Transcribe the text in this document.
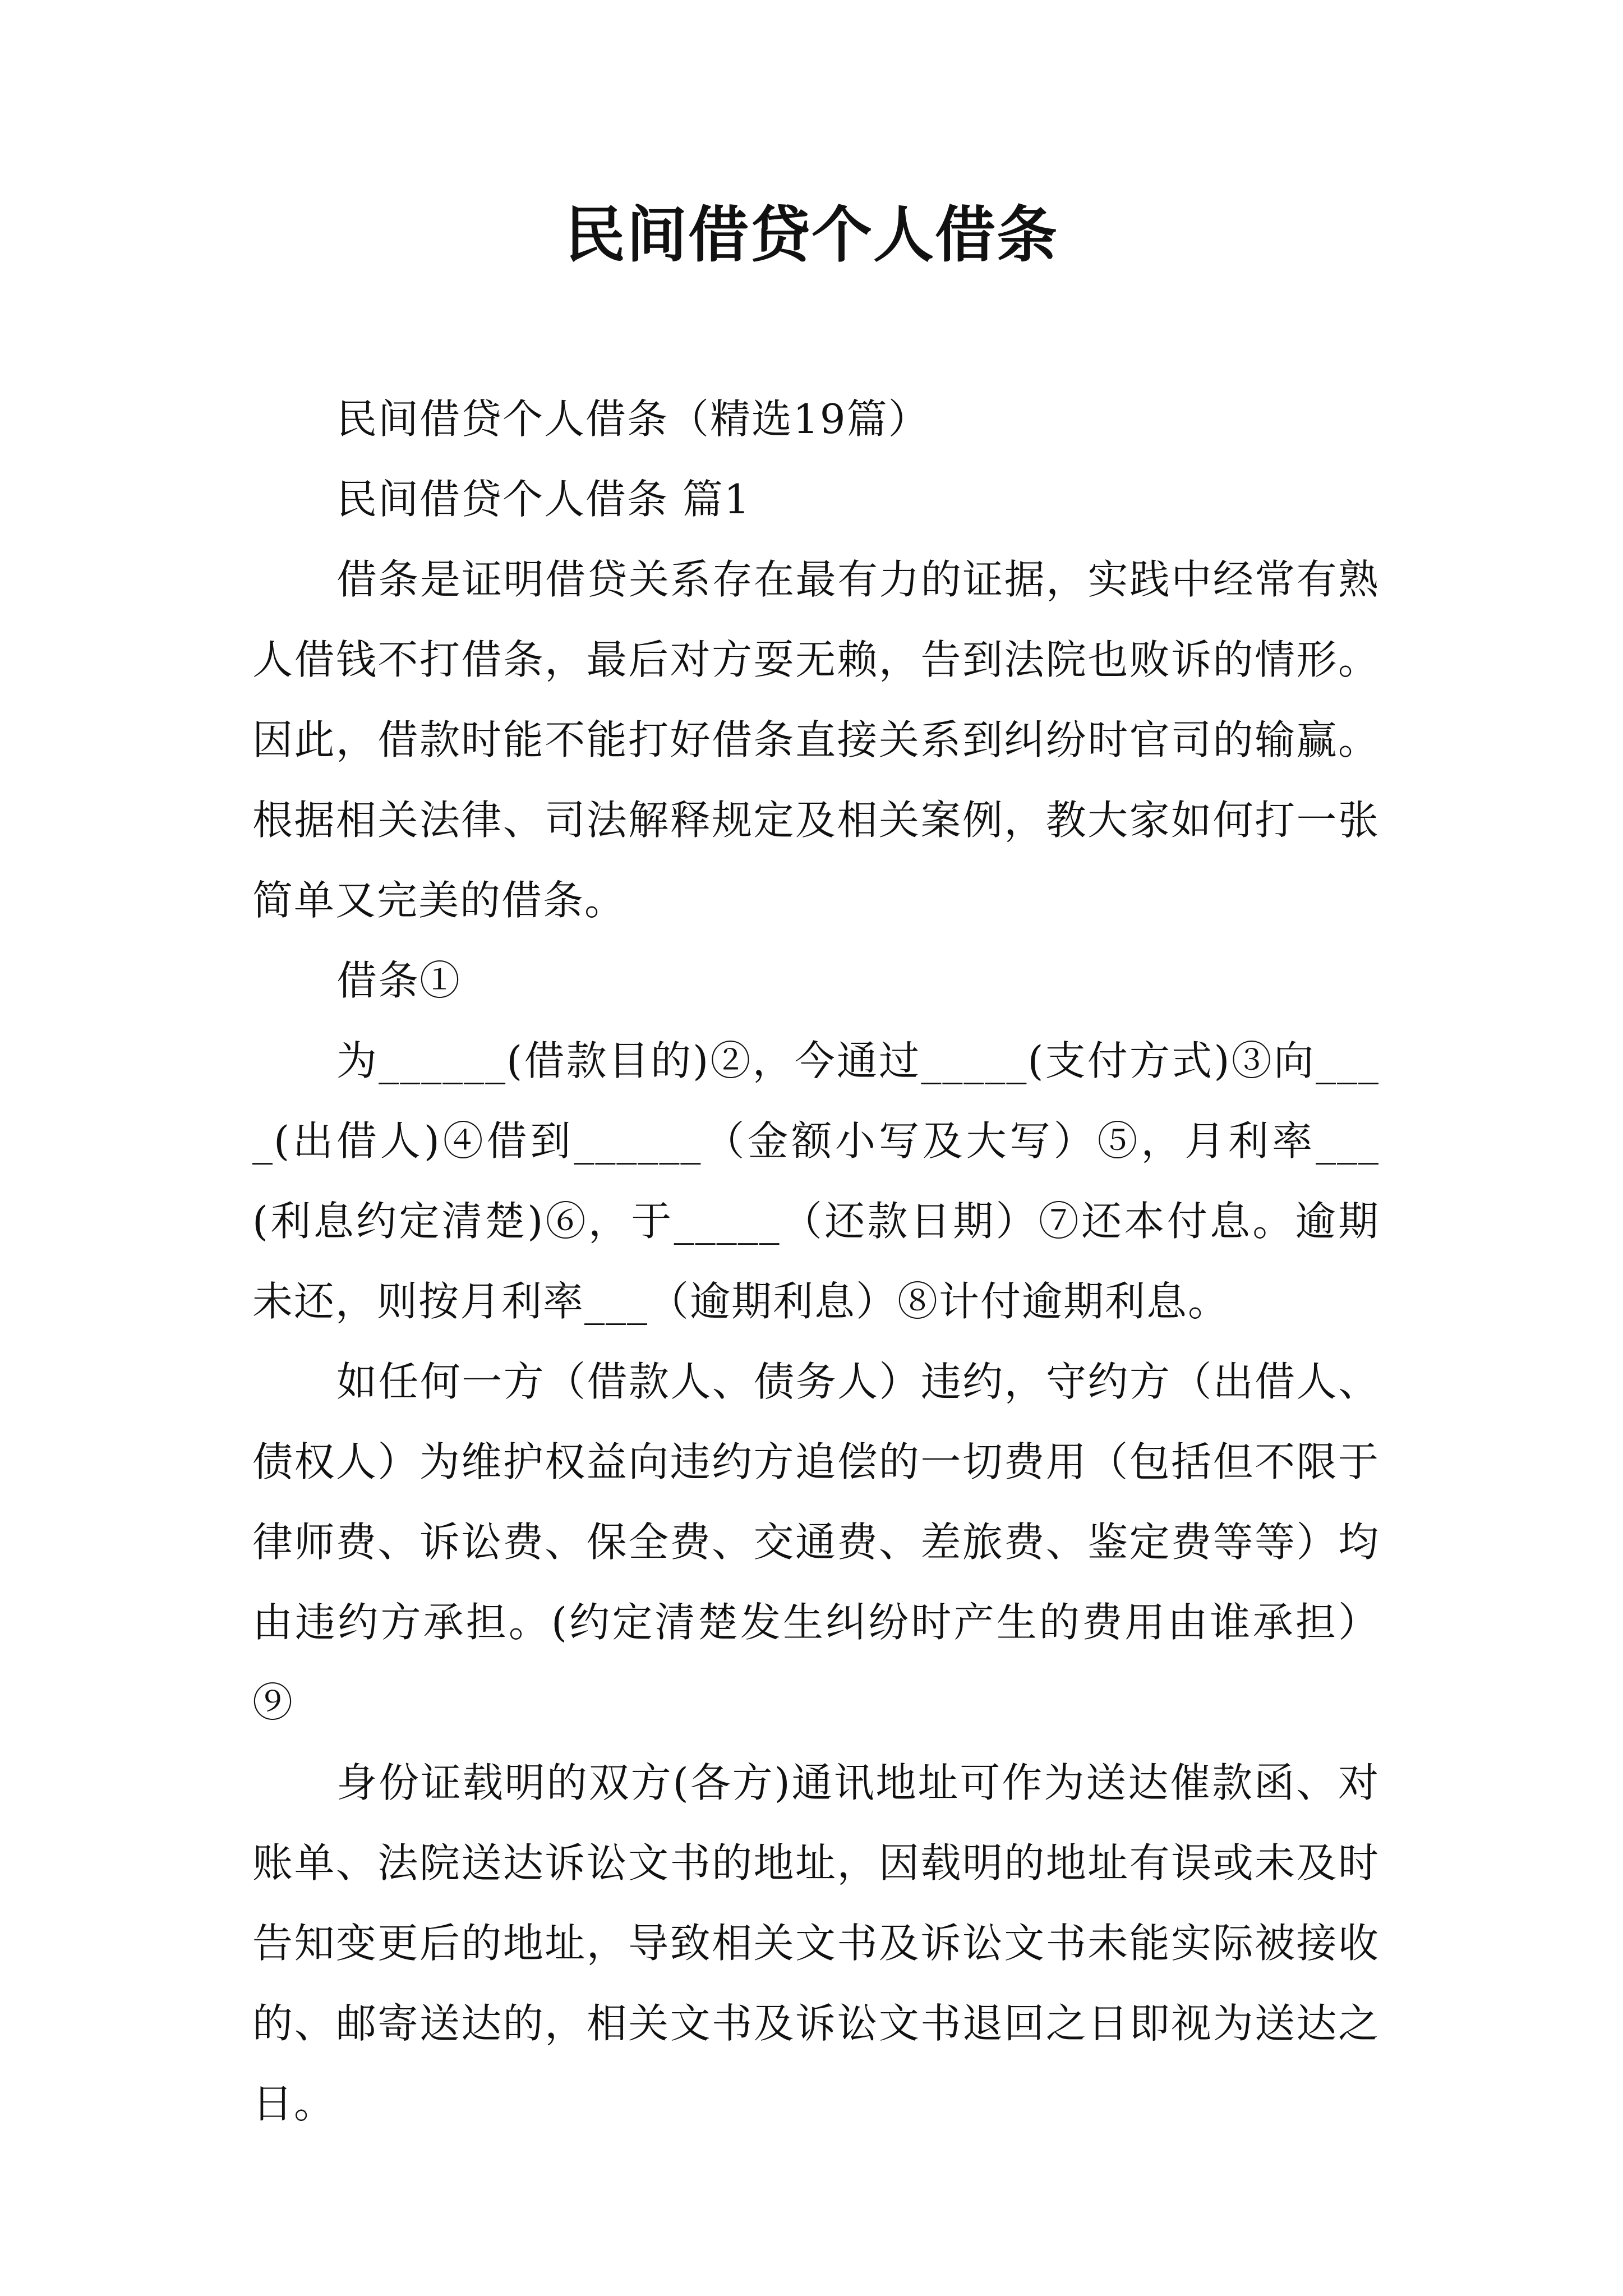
民间借贷个人借条

民间借贷个人借条（精选19篇）

民间借贷个人借条 篇1

借条是证明借贷关系存在最有力的证据，实践中经常有熟人借钱不打借条，最后对方耍无赖，告到法院也败诉的情形。因此，借款时能不能打好借条直接关系到纠纷时官司的输赢。根据相关法律、司法解释规定及相关案例，教大家如何打一张简单又完美的借条。

借条①

为______(借款目的)②，今通过_____(支付方式)③向____(出借人)④借到______（金额小写及大写）⑤，月利率___(利息约定清楚)⑥，于_____（还款日期）⑦还本付息。逾期未还，则按月利率___（逾期利息）⑧计付逾期利息。

如任何一方（借款人、债务人）违约，守约方（出借人、债权人）为维护权益向违约方追偿的一切费用（包括但不限于律师费、诉讼费、保全费、交通费、差旅费、鉴定费等等）均由违约方承担。(约定清楚发生纠纷时产生的费用由谁承担）⑨

身份证载明的双方(各方)通讯地址可作为送达催款函、对账单、法院送达诉讼文书的地址，因载明的地址有误或未及时告知变更后的地址，导致相关文书及诉讼文书未能实际被接收的、邮寄送达的，相关文书及诉讼文书退回之日即视为送达之日。
